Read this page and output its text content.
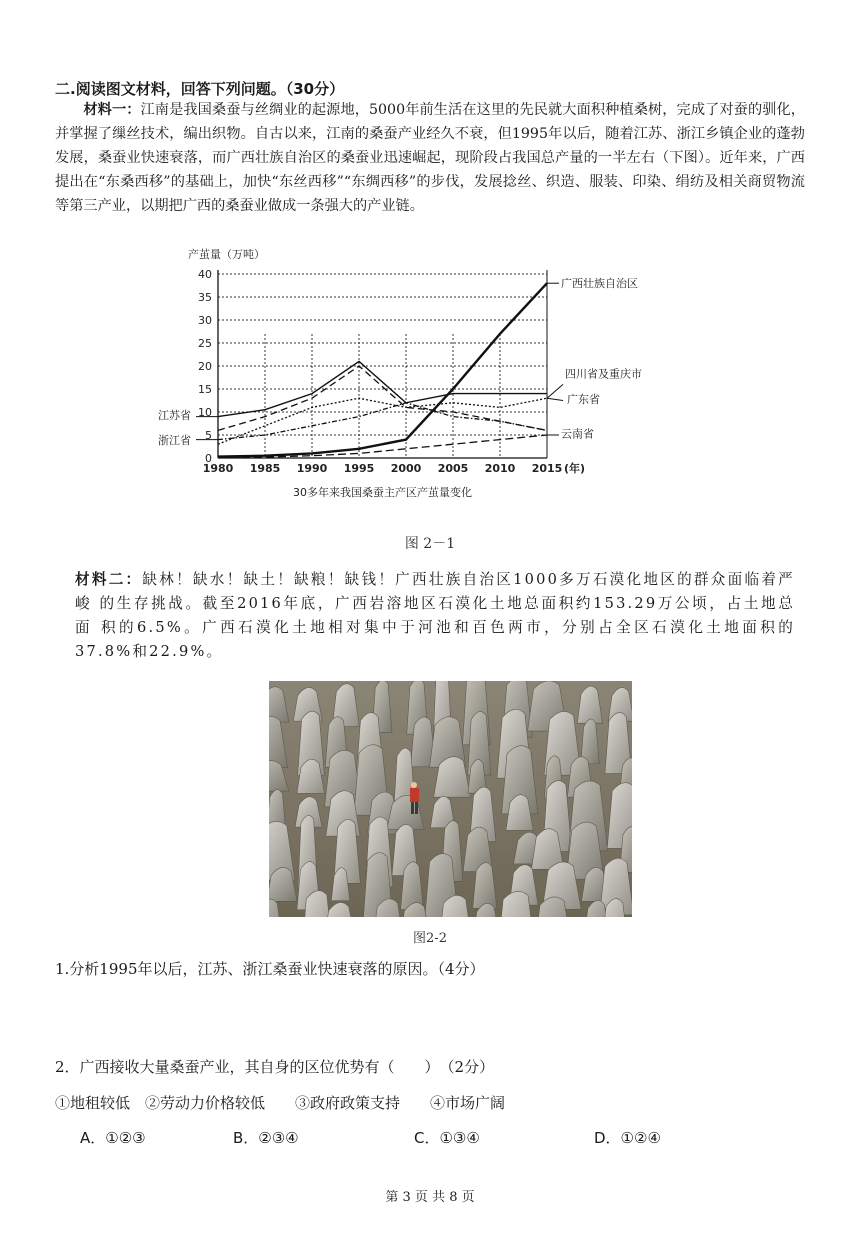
二.阅读图文材料，回答下列问题。（30分）
材料一：江南是我国桑蚕与丝绸业的起源地，5000年前生活在这里的先民就大面积种植桑树，完成了对蚕的驯化，并掌握了缫丝技术，编出织物。自古以来，江南的桑蚕产业经久不衰，但1995年以后，随着江苏、浙江乡镇企业的蓬勃发展，桑蚕业快速衰落，而广西壮族自治区的桑蚕业迅速崛起，现阶段占我国总产量的一半左右（下图）。近年来，广西提出在“东桑西移”的基础上，加快“东丝西移”“东绸西移”的步伐，发展捻丝、织造、服装、印染、绢纺及相关商贸物流等第三产业，以期把广西的桑蚕业做成一条强大的产业链。
0
5
10
15
20
25
30
35
40
1980 1985 1990 1995 2000 2005 2010 2015
产茧量（万吨）
(年)
30多年来我国桑蚕主产区产茧量变化
广西壮族自治区
四川省及重庆市
广东省
云南省
江苏省
浙江省
图 2－1
材料二：缺林！缺水！缺土！缺粮！缺钱！广西壮族自治区1000多万石漠化地区的群众面临着严峻 的生存挑战。截至2016年底，广西岩溶地区石漠化土地总面积约153.29万公顷，占土地总面 积的6.5%。广西石漠化土地相对集中于河池和百色两市，分别占全区石漠化土地面积的37.8%和22.9%。
图2-2
1.分析1995年以后，江苏、浙江桑蚕业快速衰落的原因。（4分）
2．广西接收大量桑蚕产业，其自身的区位优势有（　　）　（2分）
①地租较低　②劳动力价格较低　　③政府政策支持　　④市场广阔
A．①②③	B．②③④	C．①③④	D．①②④
第 3 页 共 8 页
